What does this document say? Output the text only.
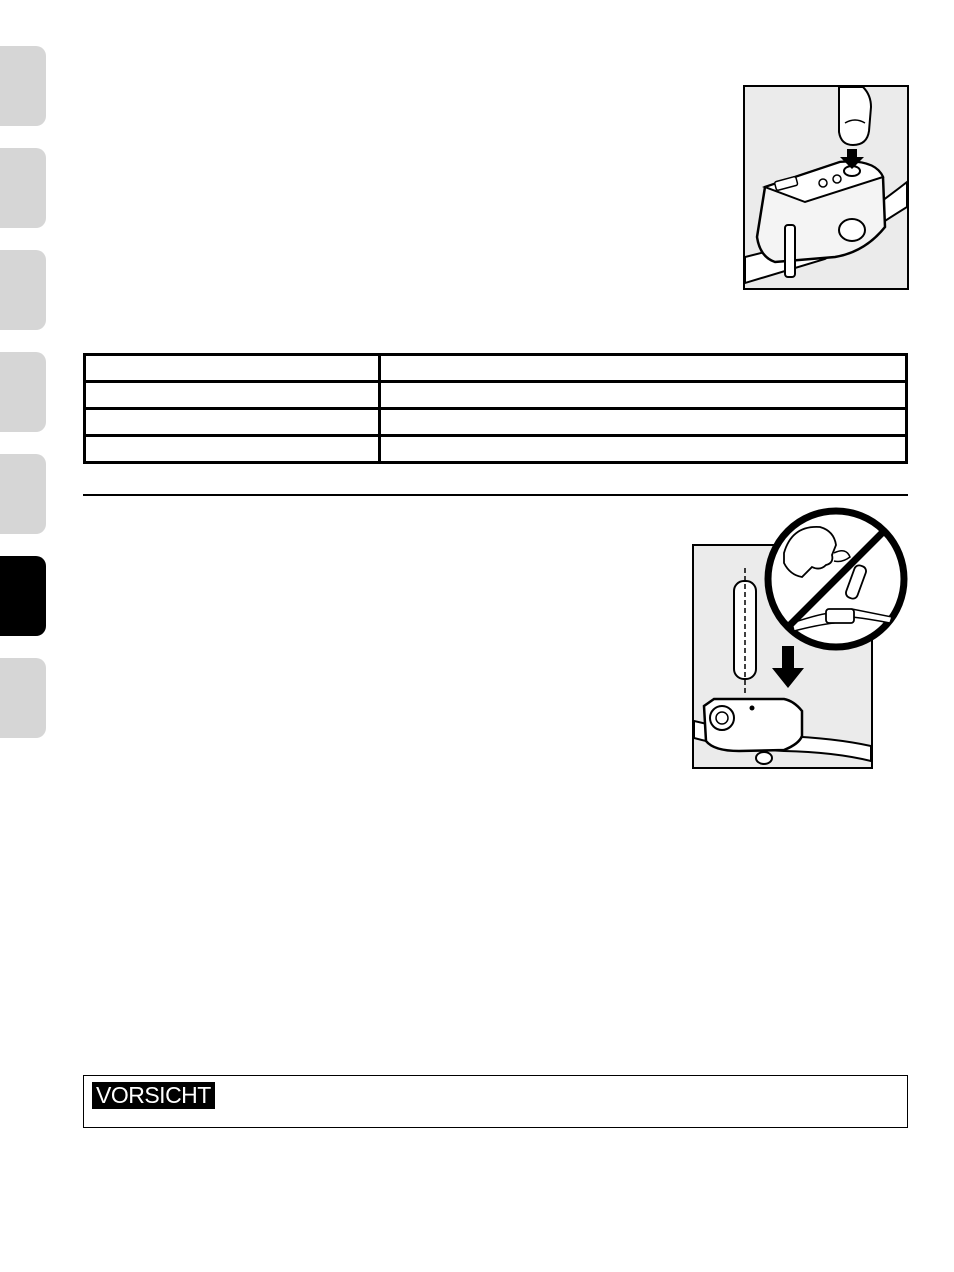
VORSICHT
